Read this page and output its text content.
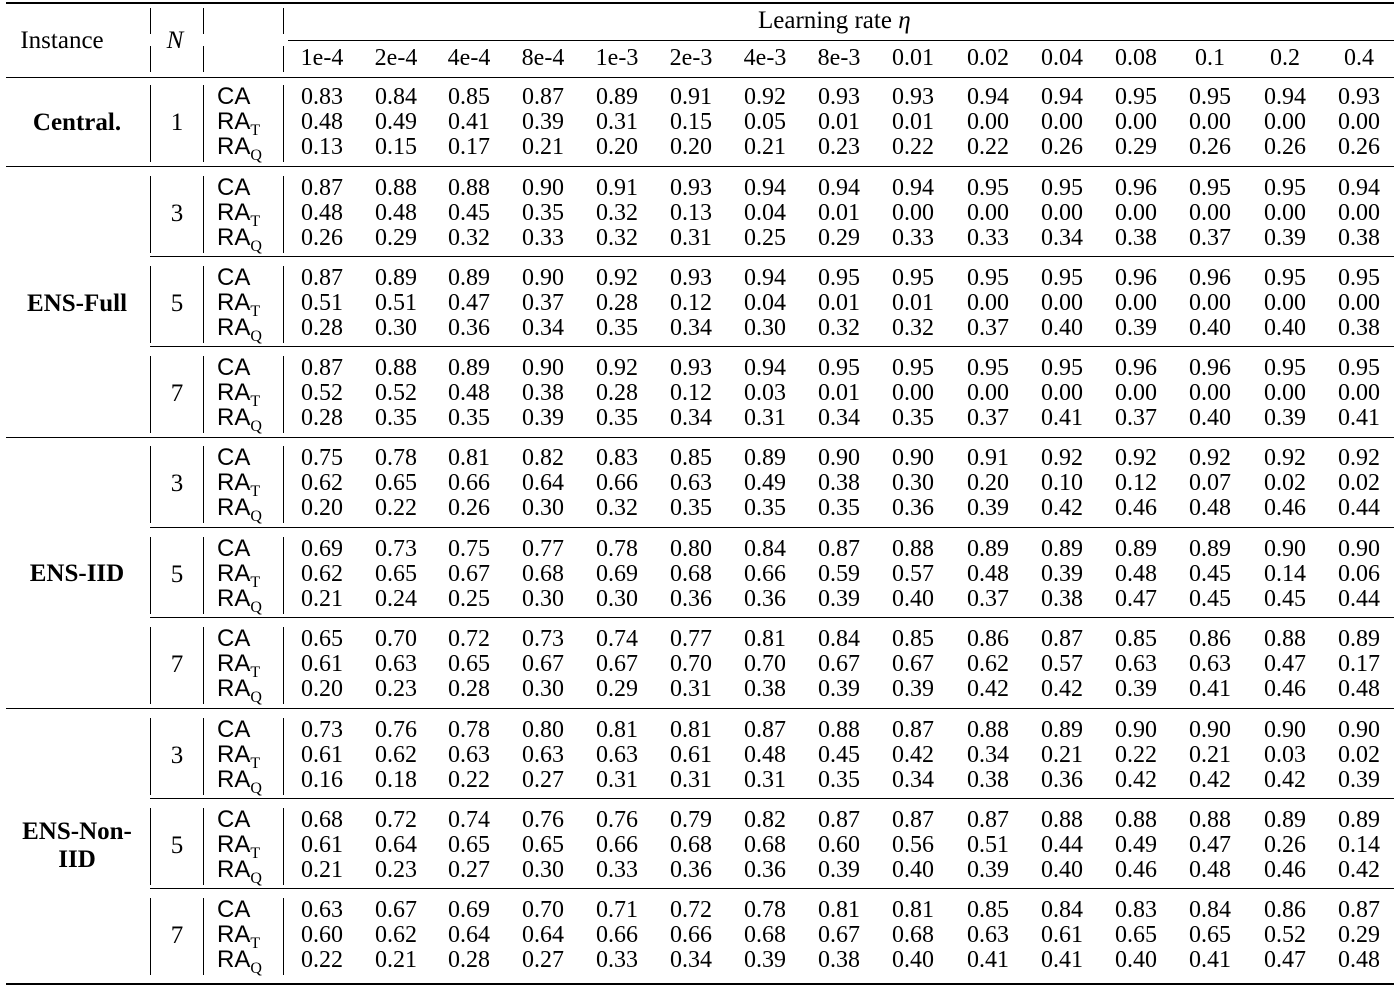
Instance	N
Learning rate η
1e-4	2e-4	4e-4	8e-4	1e-3	2e-3	4e-3	8e-3	0.01	0.02	0.04	0.08	0.1	0.2	0.4
Central.	1
CA	0.83	0.84	0.85	0.87	0.89	0.91	0.92	0.93	0.93	0.94	0.94	0.95	0.95	0.94	0.93
$RA_T$	0.48	0.49	0.41	0.39	0.31	0.15	0.05	0.01	0.01	0.00	0.00	0.00	0.00	0.00	0.00
$RA_Q$	0.13	0.15	0.17	0.21	0.20	0.20	0.21	0.23	0.22	0.22	0.26	0.29	0.26	0.26	0.26
ENS-Full
3
CA	0.87	0.88	0.88	0.90	0.91	0.93	0.94	0.94	0.94	0.95	0.95	0.96	0.95	0.95	0.94
$RA_T$	0.48	0.48	0.45	0.35	0.32	0.13	0.04	0.01	0.00	0.00	0.00	0.00	0.00	0.00	0.00
$RA_Q$	0.26	0.29	0.32	0.33	0.32	0.31	0.25	0.29	0.33	0.33	0.34	0.38	0.37	0.39	0.38
5
CA	0.87	0.89	0.89	0.90	0.92	0.93	0.94	0.95	0.95	0.95	0.95	0.96	0.96	0.95	0.95
$RA_T$	0.51	0.51	0.47	0.37	0.28	0.12	0.04	0.01	0.01	0.00	0.00	0.00	0.00	0.00	0.00
$RA_Q$	0.28	0.30	0.36	0.34	0.35	0.34	0.30	0.32	0.32	0.37	0.40	0.39	0.40	0.40	0.38
7
CA	0.87	0.88	0.89	0.90	0.92	0.93	0.94	0.95	0.95	0.95	0.95	0.96	0.96	0.95	0.95
$RA_T$	0.52	0.52	0.48	0.38	0.28	0.12	0.03	0.01	0.00	0.00	0.00	0.00	0.00	0.00	0.00
$RA_Q$	0.28	0.35	0.35	0.39	0.35	0.34	0.31	0.34	0.35	0.37	0.41	0.37	0.40	0.39	0.41
ENS-IID
3
CA	0.75	0.78	0.81	0.82	0.83	0.85	0.89	0.90	0.90	0.91	0.92	0.92	0.92	0.92	0.92
$RA_T$	0.62	0.65	0.66	0.64	0.66	0.63	0.49	0.38	0.30	0.20	0.10	0.12	0.07	0.02	0.02
$RA_Q$	0.20	0.22	0.26	0.30	0.32	0.35	0.35	0.35	0.36	0.39	0.42	0.46	0.48	0.46	0.44
5
CA	0.69	0.73	0.75	0.77	0.78	0.80	0.84	0.87	0.88	0.89	0.89	0.89	0.89	0.90	0.90
$RA_T$	0.62	0.65	0.67	0.68	0.69	0.68	0.66	0.59	0.57	0.48	0.39	0.48	0.45	0.14	0.06
$RA_Q$	0.21	0.24	0.25	0.30	0.30	0.36	0.36	0.39	0.40	0.37	0.38	0.47	0.45	0.45	0.44
7
CA	0.65	0.70	0.72	0.73	0.74	0.77	0.81	0.84	0.85	0.86	0.87	0.85	0.86	0.88	0.89
$RA_T$	0.61	0.63	0.65	0.67	0.67	0.70	0.70	0.67	0.67	0.62	0.57	0.63	0.63	0.47	0.17
$RA_Q$	0.20	0.23	0.28	0.30	0.29	0.31	0.38	0.39	0.39	0.42	0.42	0.39	0.41	0.46	0.48
ENS-Non-
IID
3
CA	0.73	0.76	0.78	0.80	0.81	0.81	0.87	0.88	0.87	0.88	0.89	0.90	0.90	0.90	0.90
$RA_T$	0.61	0.62	0.63	0.63	0.63	0.61	0.48	0.45	0.42	0.34	0.21	0.22	0.21	0.03	0.02
$RA_Q$	0.16	0.18	0.22	0.27	0.31	0.31	0.31	0.35	0.34	0.38	0.36	0.42	0.42	0.42	0.39
5
CA	0.68	0.72	0.74	0.76	0.76	0.79	0.82	0.87	0.87	0.87	0.88	0.88	0.88	0.89	0.89
$RA_T$	0.61	0.64	0.65	0.65	0.66	0.68	0.68	0.60	0.56	0.51	0.44	0.49	0.47	0.26	0.14
$RA_Q$	0.21	0.23	0.27	0.30	0.33	0.36	0.36	0.39	0.40	0.39	0.40	0.46	0.48	0.46	0.42
7
CA	0.63	0.67	0.69	0.70	0.71	0.72	0.78	0.81	0.81	0.85	0.84	0.83	0.84	0.86	0.87
$RA_T$	0.60	0.62	0.64	0.64	0.66	0.66	0.68	0.67	0.68	0.63	0.61	0.65	0.65	0.52	0.29
$RA_Q$	0.22	0.21	0.28	0.27	0.33	0.34	0.39	0.38	0.40	0.41	0.41	0.40	0.41	0.47	0.48
